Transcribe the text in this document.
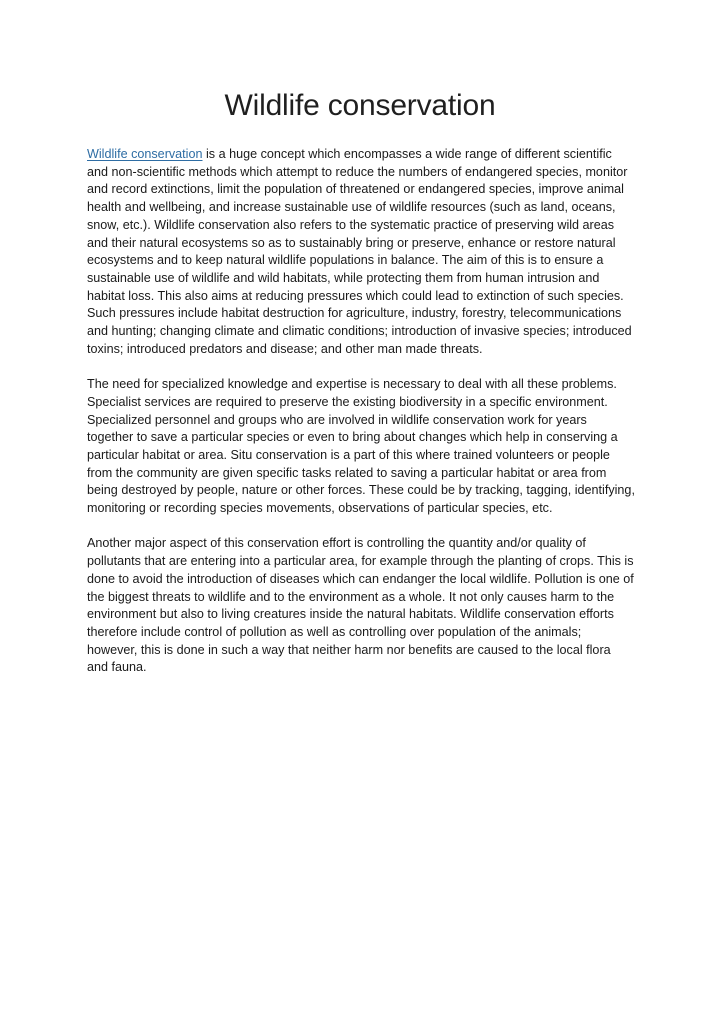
Wildlife conservation

Wildlife conservation is a huge concept which encompasses a wide range of different scientific and non-scientific methods which attempt to reduce the numbers of endangered species, monitor and record extinctions, limit the population of threatened or endangered species, improve animal health and wellbeing, and increase sustainable use of wildlife resources (such as land, oceans, snow, etc.). Wildlife conservation also refers to the systematic practice of preserving wild areas and their natural ecosystems so as to sustainably bring or preserve, enhance or restore natural ecosystems and to keep natural wildlife populations in balance. The aim of this is to ensure a sustainable use of wildlife and wild habitats, while protecting them from human intrusion and habitat loss. This also aims at reducing pressures which could lead to extinction of such species. Such pressures include habitat destruction for agriculture, industry, forestry, telecommunications and hunting; changing climate and climatic conditions; introduction of invasive species; introduced toxins; introduced predators and disease; and other man made threats.

The need for specialized knowledge and expertise is necessary to deal with all these problems. Specialist services are required to preserve the existing biodiversity in a specific environment. Specialized personnel and groups who are involved in wildlife conservation work for years together to save a particular species or even to bring about changes which help in conserving a particular habitat or area. Situ conservation is a part of this where trained volunteers or people from the community are given specific tasks related to saving a particular habitat or area from being destroyed by people, nature or other forces. These could be by tracking, tagging, identifying, monitoring or recording species movements, observations of particular species, etc.

Another major aspect of this conservation effort is controlling the quantity and/or quality of pollutants that are entering into a particular area, for example through the planting of crops. This is done to avoid the introduction of diseases which can endanger the local wildlife. Pollution is one of the biggest threats to wildlife and to the environment as a whole. It not only causes harm to the environment but also to living creatures inside the natural habitats. Wildlife conservation efforts therefore include control of pollution as well as controlling over population of the animals; however, this is done in such a way that neither harm nor benefits are caused to the local flora and fauna.
